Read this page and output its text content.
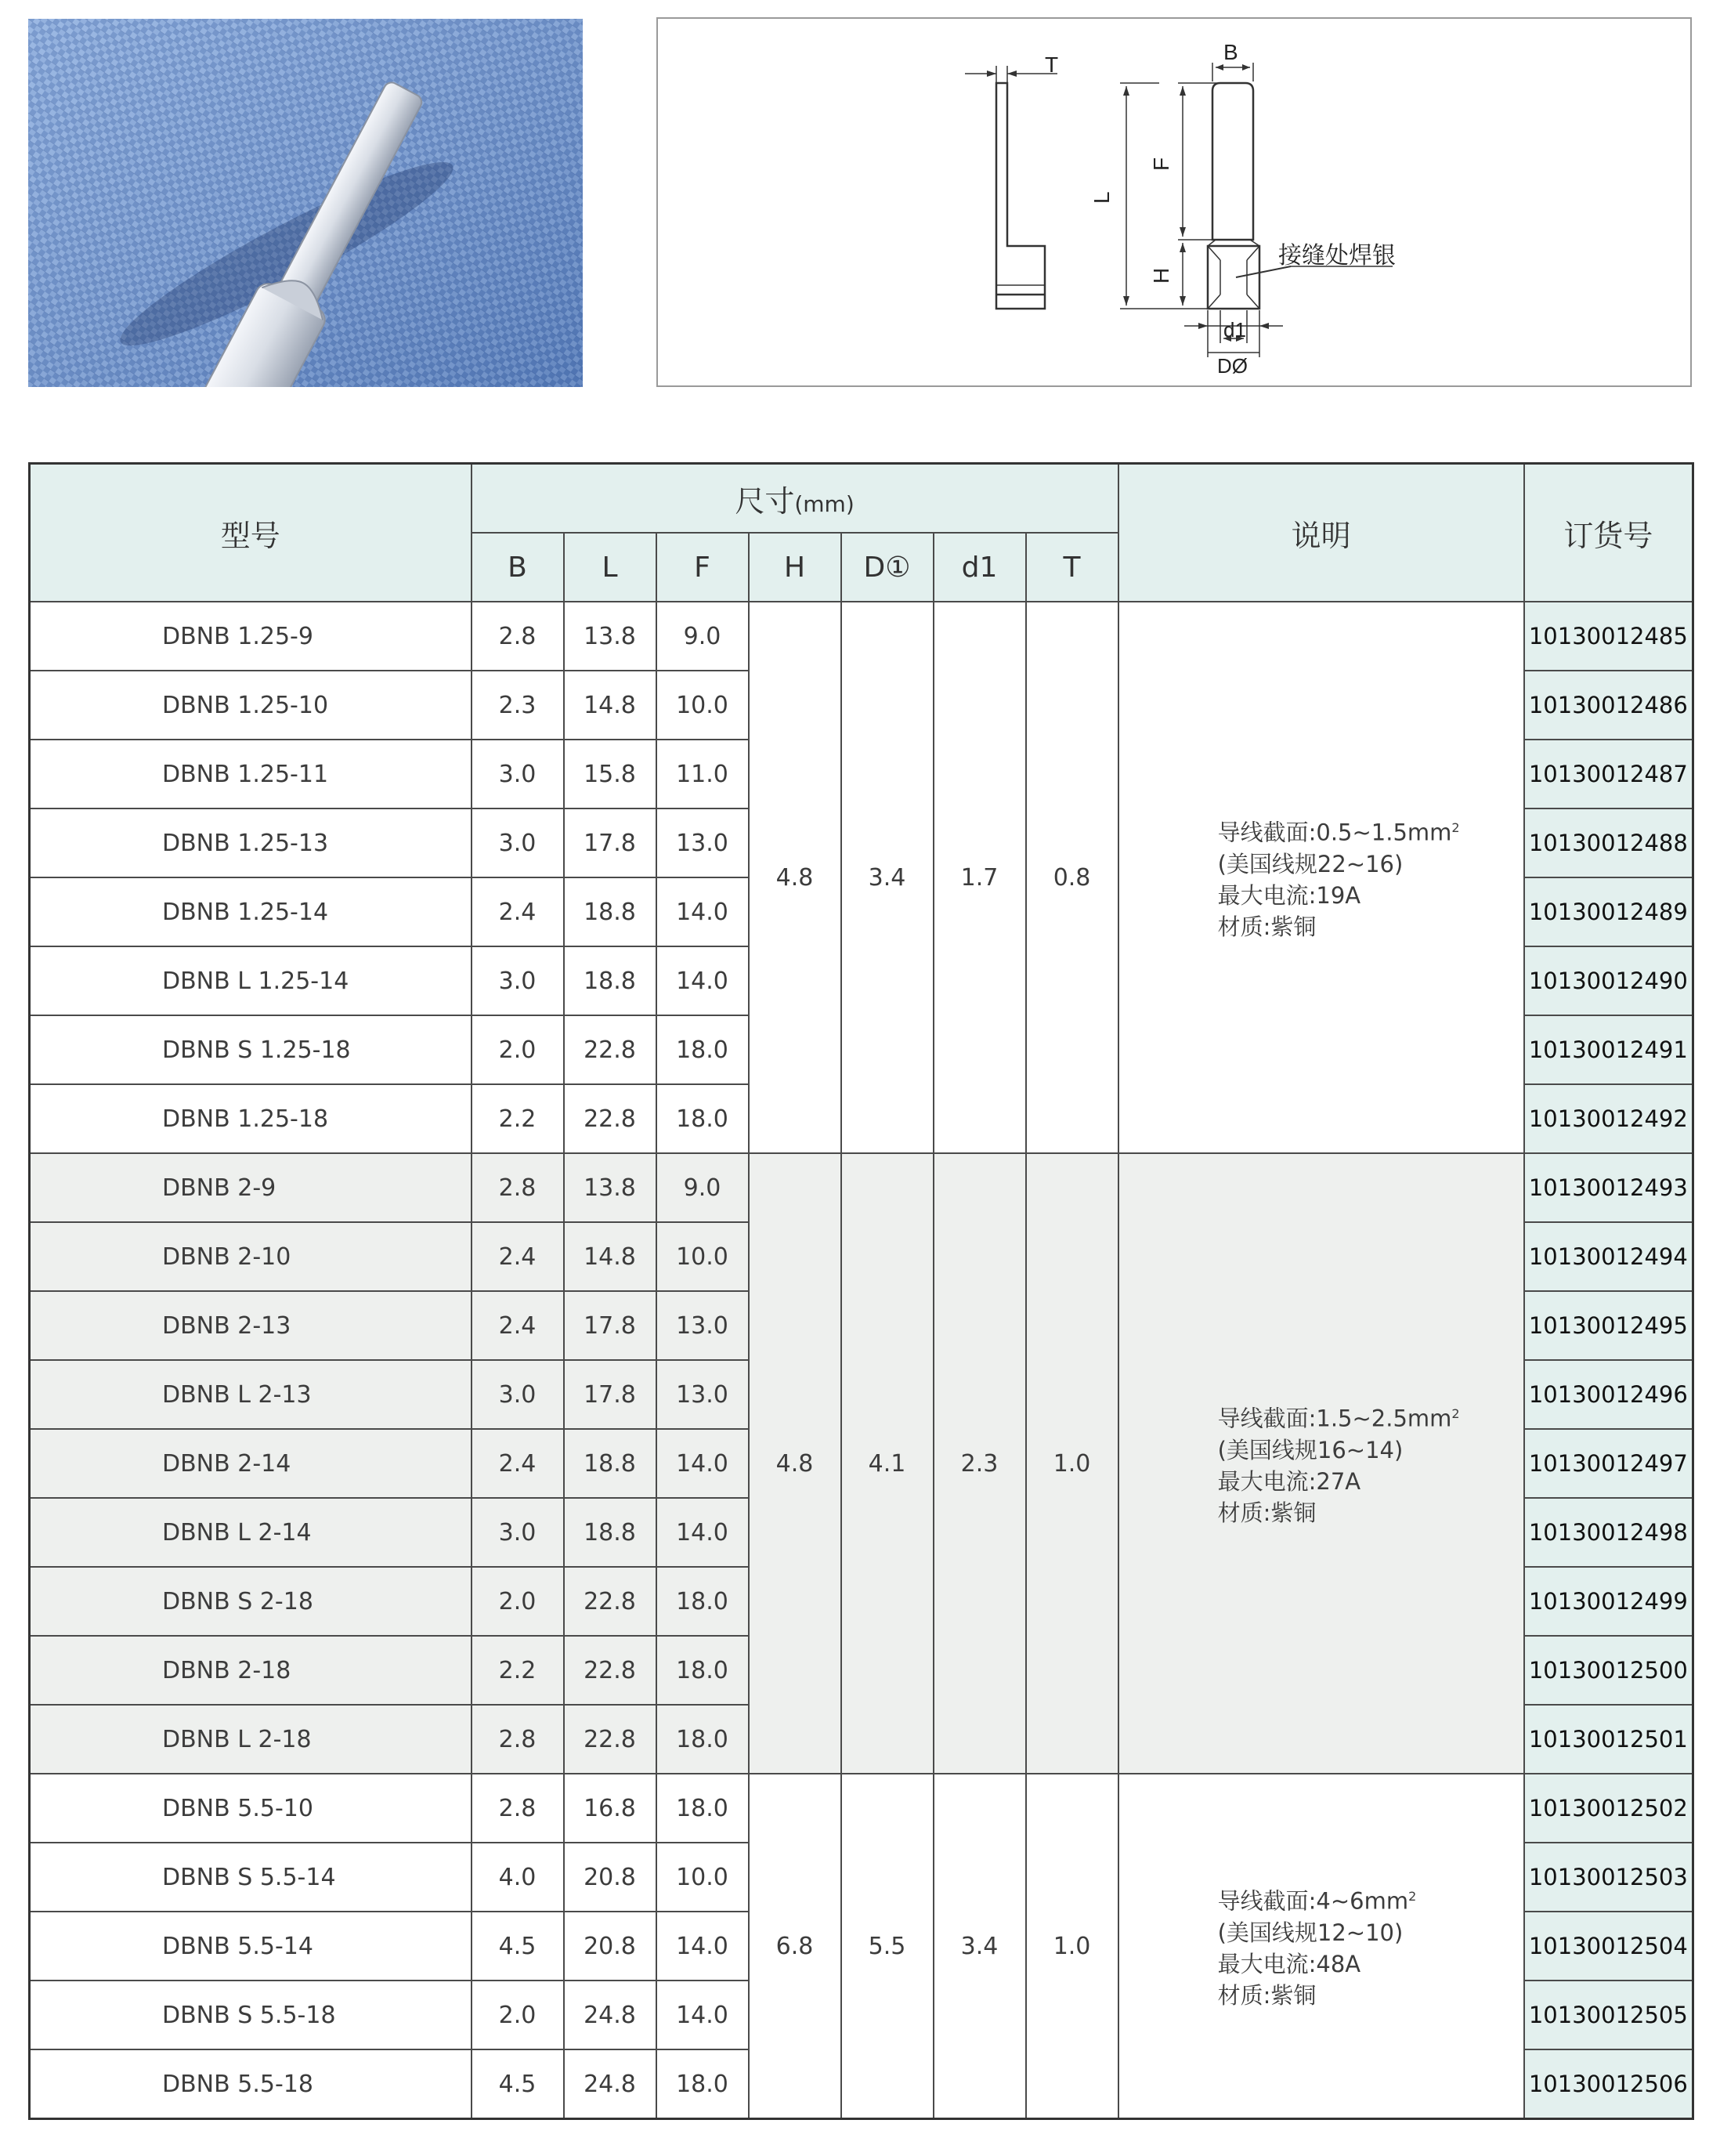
T
B
L
F
H
d1
DØ
接缝处焊银
型号	尺寸(mm)							说明	订货号
	B	L	F	H	D①	d1	T		
DBNB 1.25-9	2.8	13.8	9.0	4.8	3.4	1.7	0.8	导线截面$:0.5\sim 1.5mm^2$
(美国线规22~16)
最大电流:19A
材质:紫铜	10130012485
DBNB 1.25-10	2.3	14.8	10.0						10130012486
DBNB 1.25-11	3.0	15.8	11.0						10130012487
DBNB 1.25-13	3.0	17.8	13.0						10130012488
DBNB 1.25-14	2.4	18.8	14.0						10130012489
DBNB L 1.25-14	3.0	18.8	14.0						10130012490
DBNB S 1.25-18	2.0	22.8	18.0						10130012491
DBNB 1.25-18	2.2	22.8	18.0						10130012492
DBNB 2-9	2.8	13.8	9.0	4.8	4.1	2.3	1.0	导线截面$:1.5\sim 2.5mm^2$
(美国线规16~14)
最大电流:27A
材质:紫铜	10130012493
DBNB 2-10	2.4	14.8	10.0						10130012494
DBNB 2-13	2.4	17.8	13.0						10130012495
DBNB L 2-13	3.0	17.8	13.0						10130012496
DBNB 2-14	2.4	18.8	14.0						10130012497
DBNB L 2-14	3.0	18.8	14.0						10130012498
DBNB S 2-18	2.0	22.8	18.0						10130012499
DBNB 2-18	2.2	22.8	18.0						10130012500
DBNB L 2-18	2.8	22.8	18.0						10130012501
DBNB 5.5-10	2.8	16.8	18.0	6.8	5.5	3.4	1.0	导线截面$:4\sim 6mm^2$
(美国线规12~10)
最大电流:48A
材质:紫铜	10130012502
DBNB S 5.5-14	4.0	20.8	10.0						10130012503
DBNB 5.5-14	4.5	20.8	14.0						10130012504
DBNB S 5.5-18	2.0	24.8	14.0						10130012505
DBNB 5.5-18	4.5	24.8	18.0						10130012506
